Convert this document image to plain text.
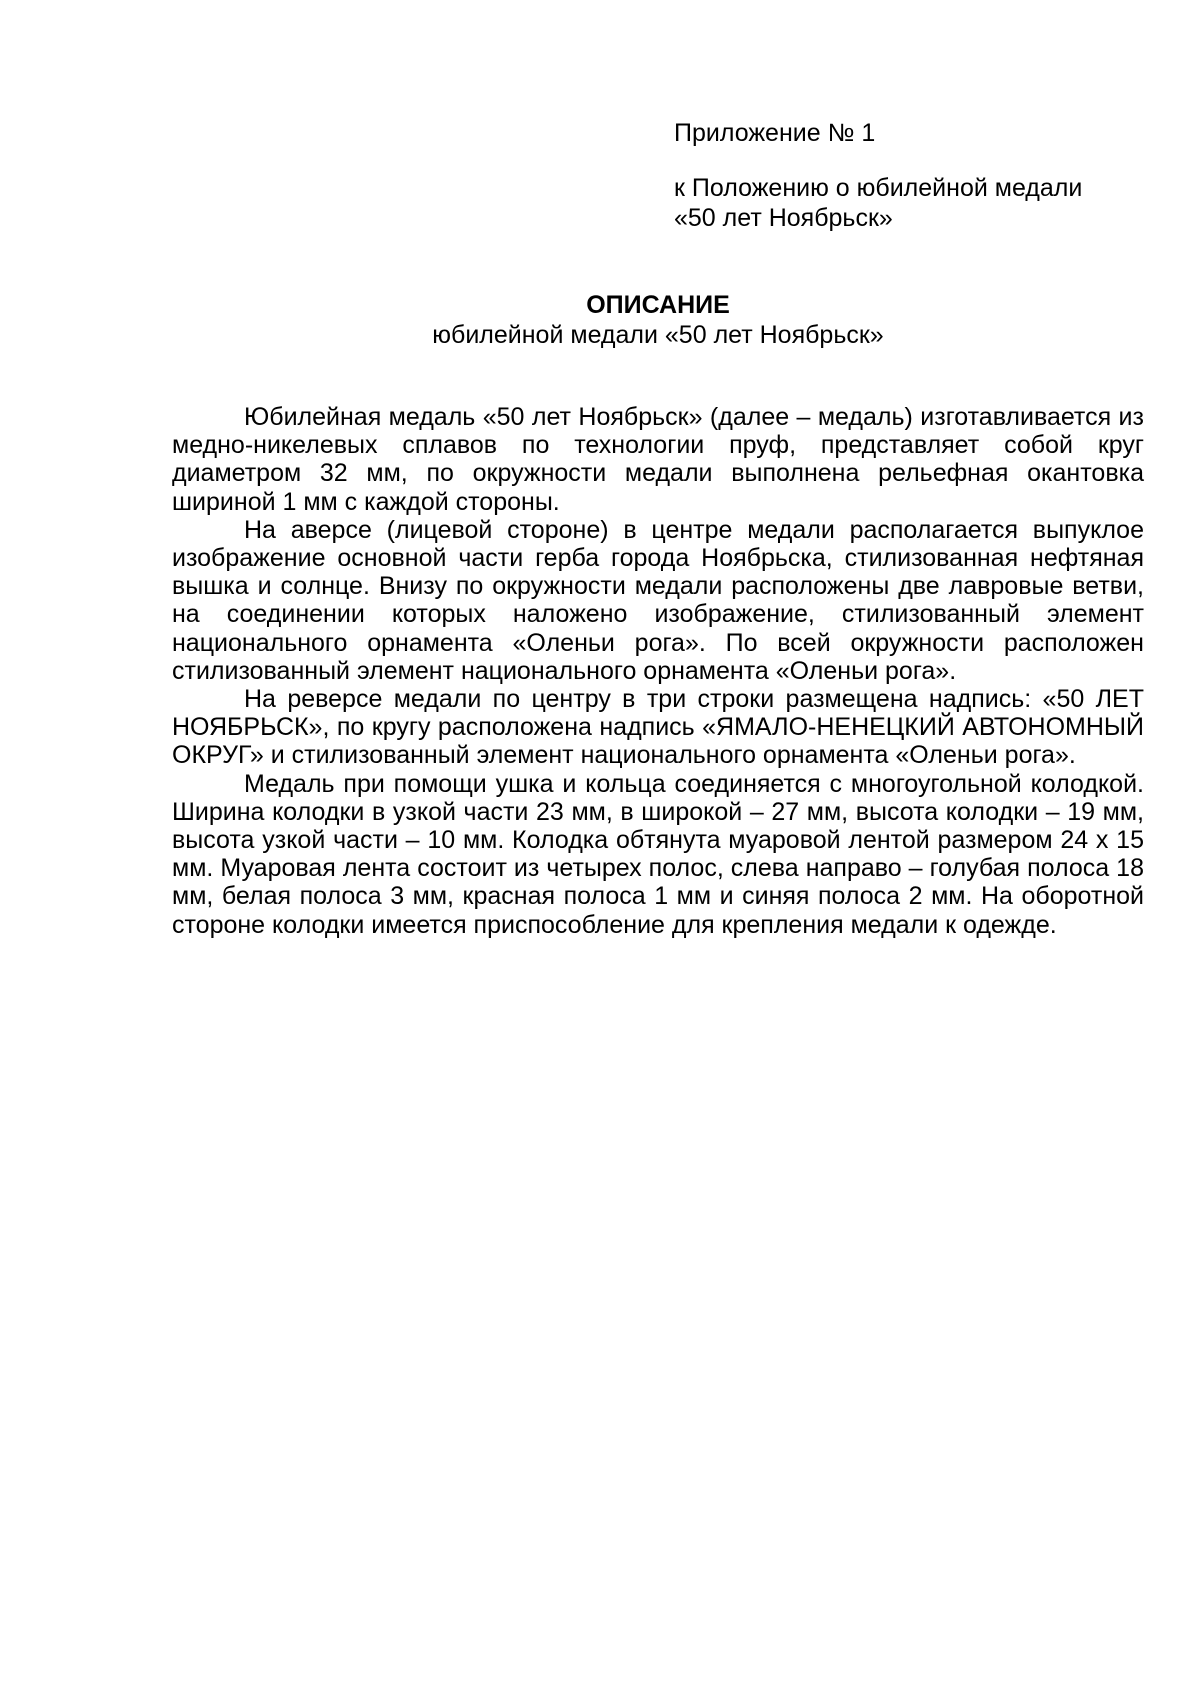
Приложение № 1
к Положению о юбилейной медали
«50 лет Ноябрьск»
ОПИСАНИЕ
юбилейной медали «50 лет Ноябрьск»

Юбилейная медаль «50 лет Ноябрьск» (далее – медаль) изготавливается из медно-никелевых сплавов по технологии пруф, представляет собой круг диаметром 32 мм, по окружности медали выполнена рельефная окантовка шириной 1 мм с каждой стороны.

На аверсе (лицевой стороне) в центре медали располагается выпуклое изображение основной части герба города Ноябрьска, стилизованная нефтяная вышка и солнце. Внизу по окружности медали расположены две лавровые ветви, на соединении которых наложено изображение, стилизованный элемент национального орнамента «Оленьи рога». По всей окружности расположен стилизованный элемент национального орнамента «Оленьи рога».

На реверсе медали по центру в три строки размещена надпись: «50 ЛЕТ НОЯБРЬСК», по кругу расположена надпись «ЯМАЛО-НЕНЕЦКИЙ АВТОНОМНЫЙ ОКРУГ» и стилизованный элемент национального орнамента «Оленьи рога».

Медаль при помощи ушка и кольца соединяется с многоугольной колодкой. Ширина колодки в узкой части 23 мм, в широкой – 27 мм, высота колодки – 19 мм, высота узкой части – 10 мм. Колодка обтянута муаровой лентой размером 24 х 15 мм. Муаровая лента состоит из четырех полос, слева направо – голубая полоса 18 мм, белая полоса 3 мм, красная полоса 1 мм и синяя полоса 2 мм. На оборотной стороне колодки имеется приспособление для крепления медали к одежде.
